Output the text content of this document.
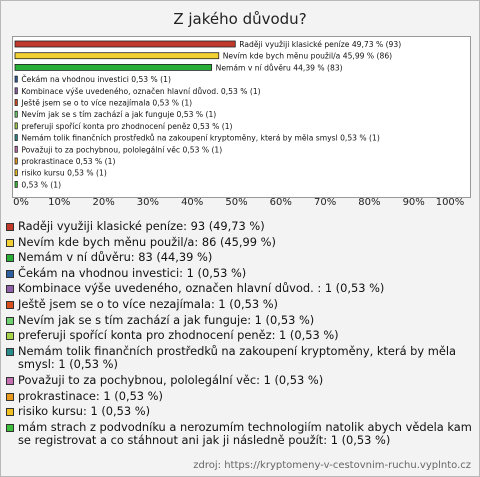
Z jakého důvodu?
Raději využiji klasické peníze 49,73 % (93)
Nevím kde bych měnu použil/a 45,99 % (86)
Nemám v ní důvěru 44,39 % (83)
Čekám na vhodnou investici 0,53 % (1)
Kombinace výše uvedeného, označen hlavní důvod. 0,53 % (1)
Ještě jsem se o to více nezajímala 0,53 % (1)
Nevím jak se s tím zachází a jak funguje 0,53 % (1)
preferuji spořící konta pro zhodnocení peněz 0,53 % (1)
Nemám tolik finančních prostředků na zakoupení kryptoměny, která by měla smysl 0,53 % (1)
Považuji to za pochybnou, pololegální věc 0,53 % (1)
prokrastinace 0,53 % (1)
risiko kursu 0,53 % (1)
0,53 % (1)
0% 10% 20% 30% 40% 50% 60% 70% 80% 90% 100%
Raději využiji klasické peníze: 93 (49,73 %)
Nevím kde bych měnu použil/a: 86 (45,99 %)
Nemám v ní důvěru: 83 (44,39 %)
Čekám na vhodnou investici: 1 (0,53 %)
Kombinace výše uvedeného, označen hlavní důvod. : 1 (0,53 %)
Ještě jsem se o to více nezajímala: 1 (0,53 %)
Nevím jak se s tím zachází a jak funguje: 1 (0,53 %)
preferuji spořící konta pro zhodnocení peněz: 1 (0,53 %)
Nemám tolik finančních prostředků na zakoupení kryptoměny, která by měla smysl: 1 (0,53 %)
Považuji to za pochybnou, pololegální věc: 1 (0,53 %)
prokrastinace: 1 (0,53 %)
risiko kursu: 1 (0,53 %)
mám strach z podvodníku a nerozumím technologiím natolik abych vědela kam se registrovat a co stáhnout ani jak ji následně použít: 1 (0,53 %)
zdroj: https://kryptomeny-v-cestovnim-ruchu.vyplnto.cz
